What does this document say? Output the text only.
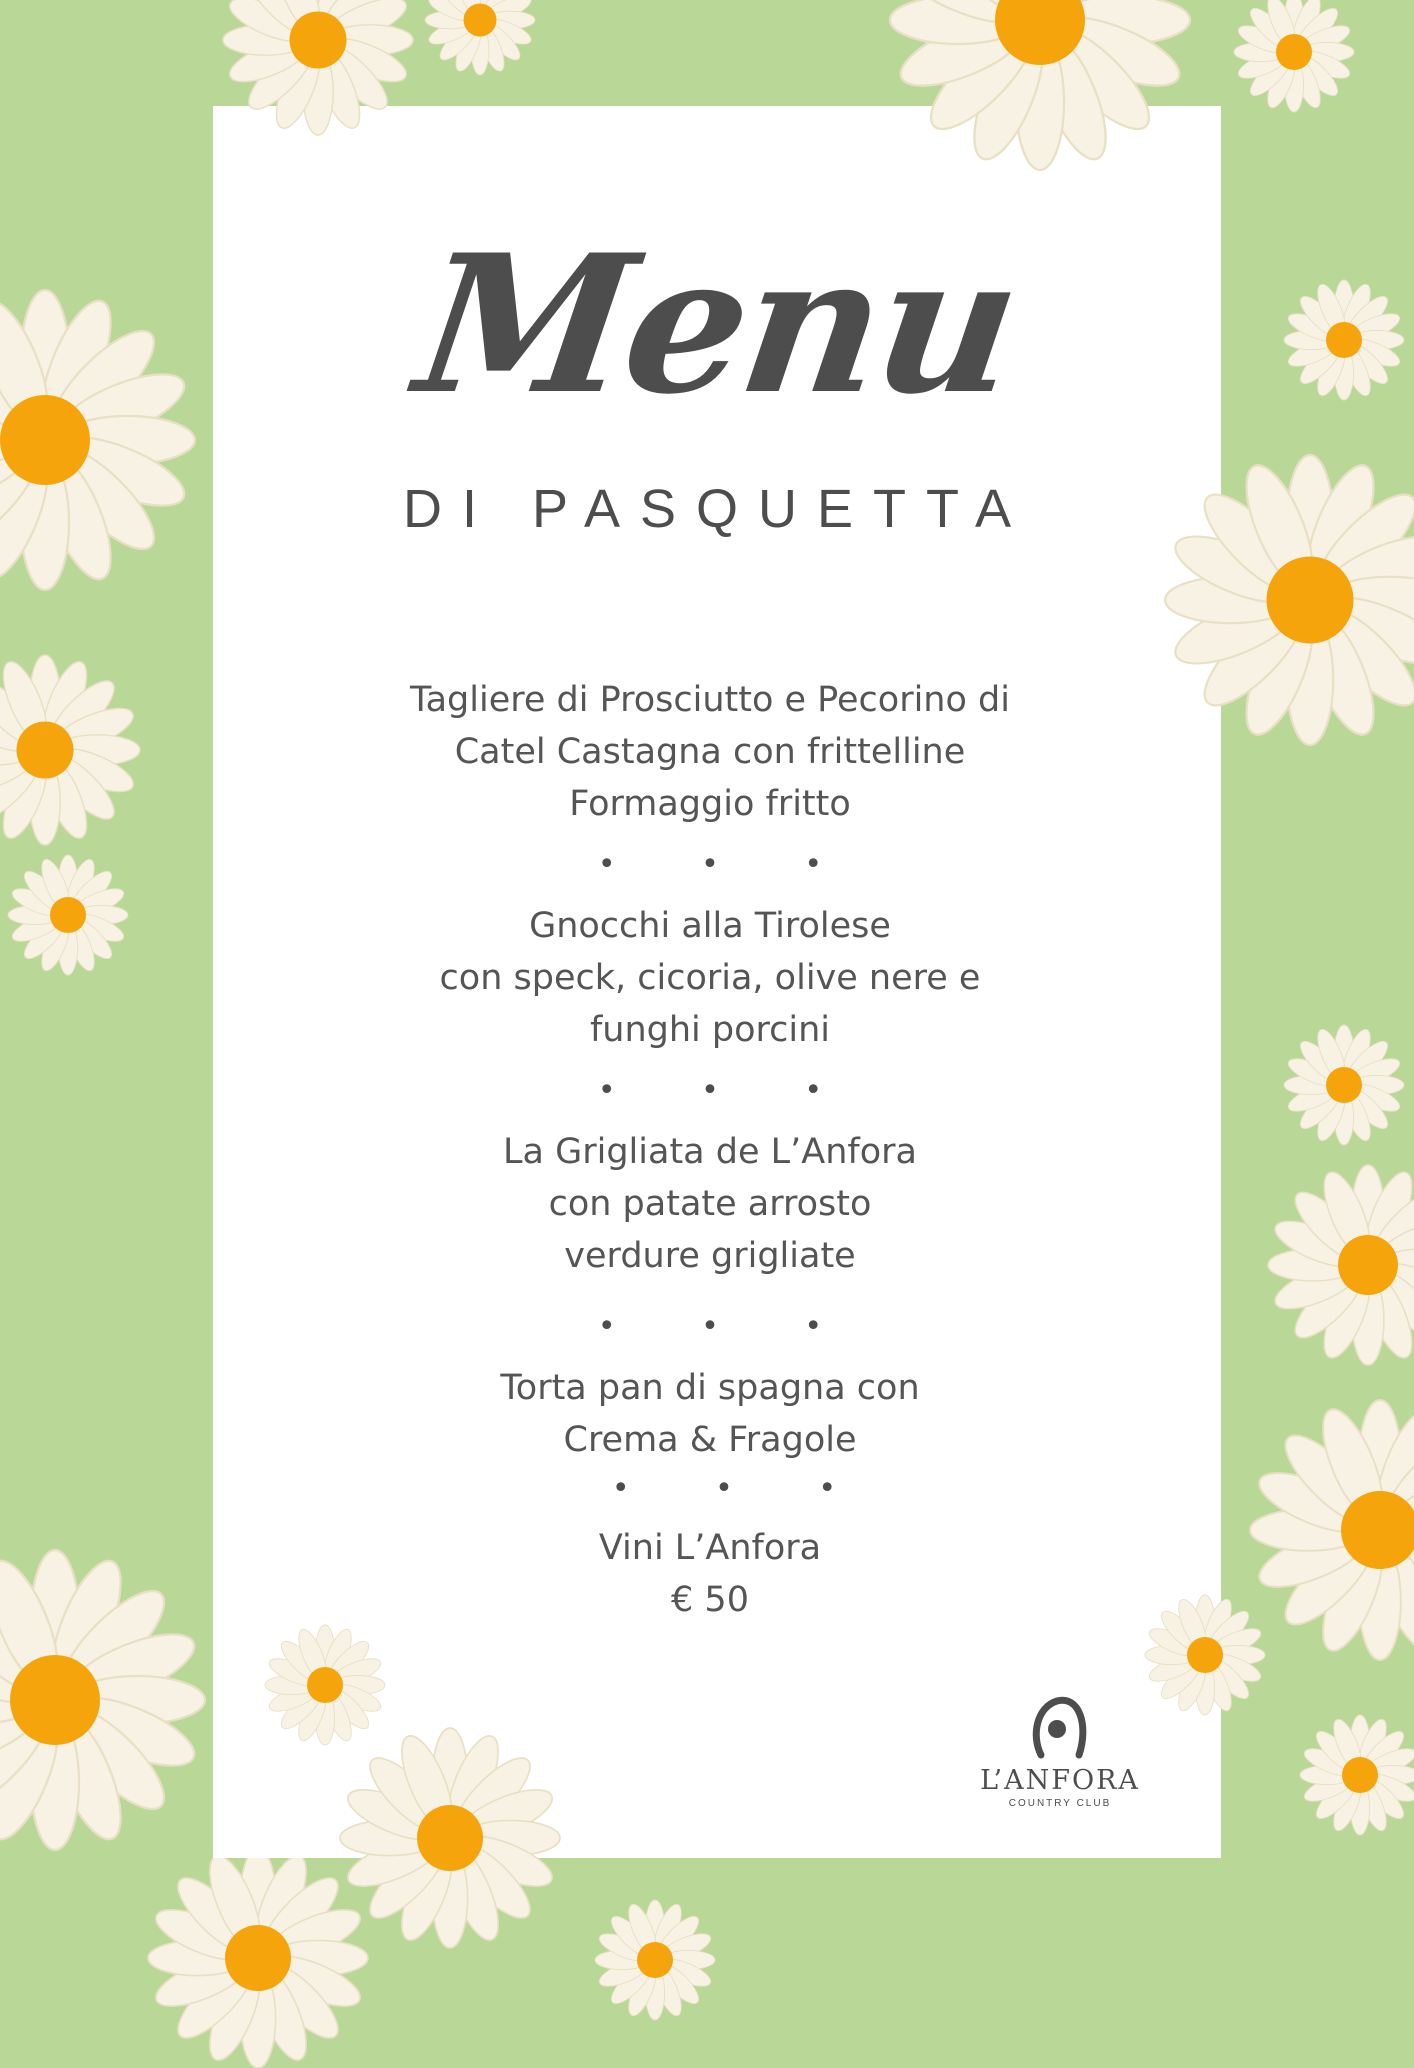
Menu
DI PASQUETTA
Tagliere di Prosciutto e Pecorino di
Catel Castagna con frittelline
Formaggio fritto
• • •
Gnocchi alla Tirolese
con speck, cicoria, olive nere e
funghi porcini
• • •
La Grigliata de L’Anfora
con patate arrosto
verdure grigliate
• • •
Torta pan di spagna con
Crema & Fragole
• • •
Vini L’Anfora
€ 50
L’ANFORA
COUNTRY CLUB
